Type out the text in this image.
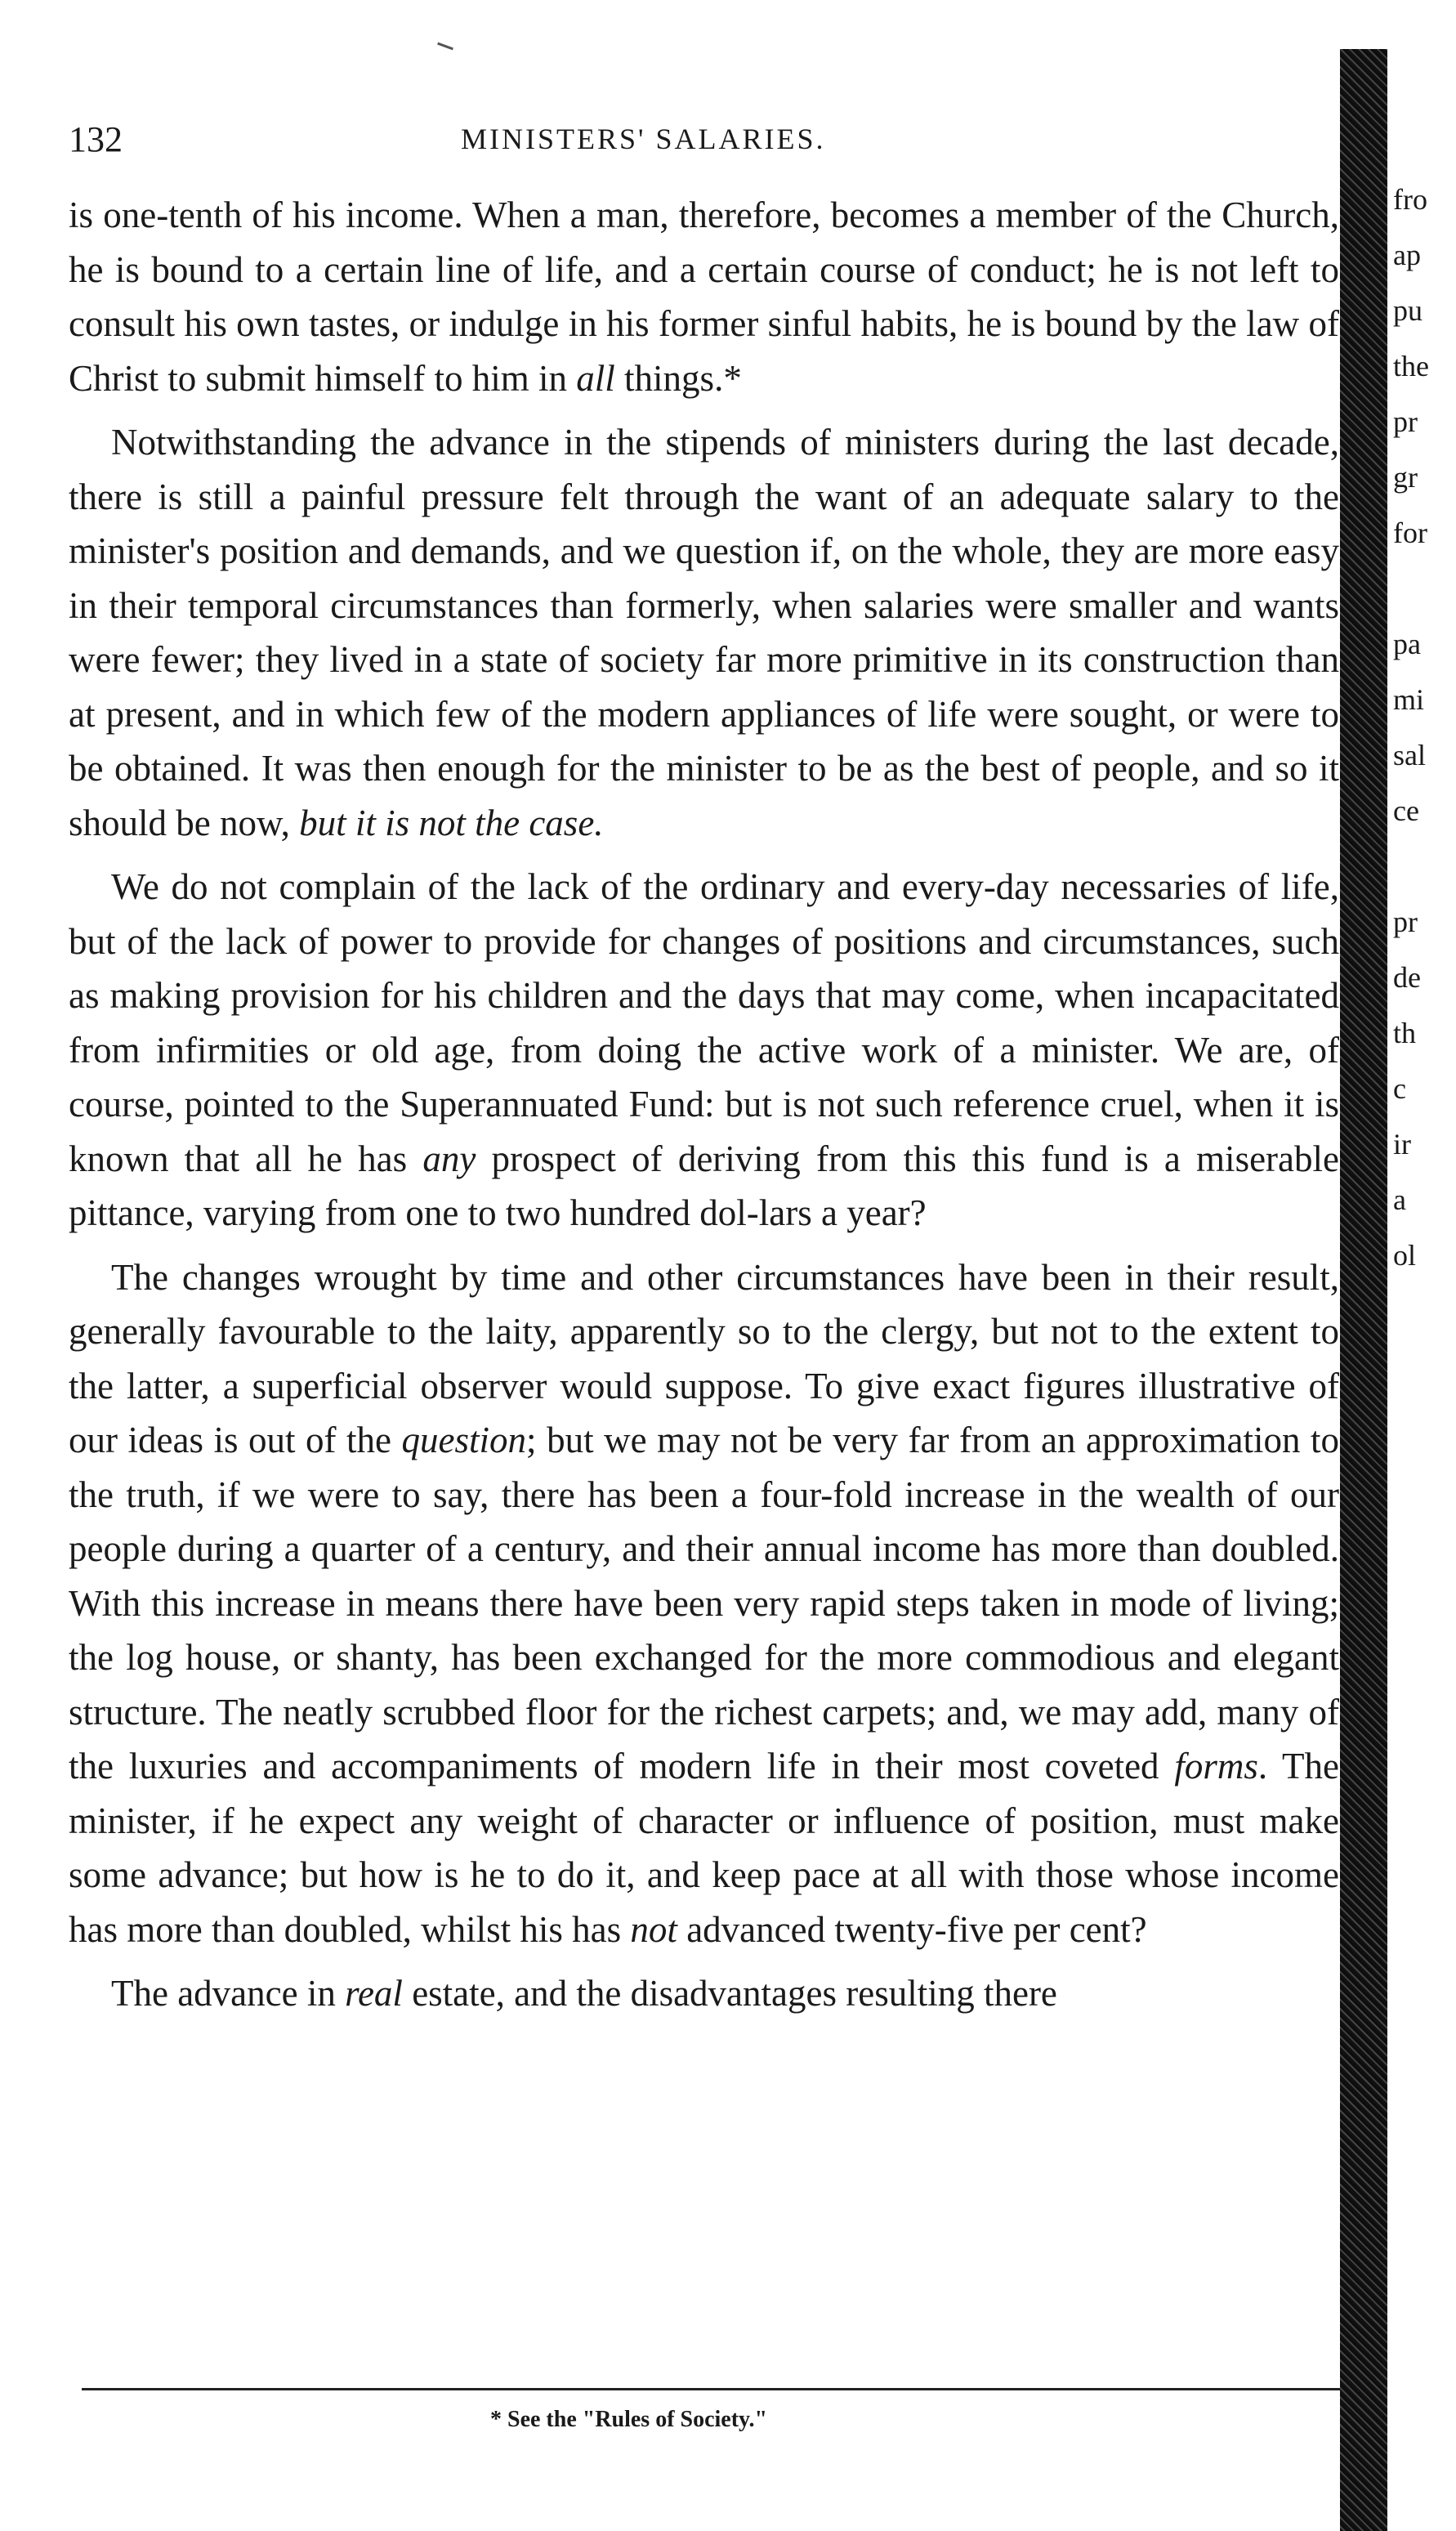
132	MINISTERS' SALARIES.

is one-tenth of his income. When a man, therefore, becomes a member of the Church, he is bound to a certain line of life, and a certain course of conduct; he is not left to consult his own tastes, or indulge in his former sinful habits, he is bound by the law of Christ to submit himself to him in all things.*

Notwithstanding the advance in the stipends of ministers during the last decade, there is still a painful pressure felt through the want of an adequate salary to the minister's position and demands, and we question if, on the whole, they are more easy in their temporal circumstances than formerly, when salaries were smaller and wants were fewer; they lived in a state of society far more primitive in its construction than at present, and in which few of the modern appliances of life were sought, or were to be obtained. It was then enough for the minister to be as the best of people, and so it should be now, but it is not the case.

We do not complain of the lack of the ordinary and every-day necessaries of life, but of the lack of power to provide for changes of positions and circumstances, such as making provision for his children and the days that may come, when incapacitated from infirmities or old age, from doing the active work of a minister. We are, of course, pointed to the Superannuated Fund: but is not such reference cruel, when it is known that all he has any prospect of deriving from this this fund is a miserable pittance, varying from one to two hundred dol-lars a year?

The changes wrought by time and other circumstances have been in their result, generally favourable to the laity, apparently so to the clergy, but not to the extent to the latter, a superficial observer would suppose. To give exact figures illustrative of our ideas is out of the question; but we may not be very far from an approximation to the truth, if we were to say, there has been a four-fold increase in the wealth of our people during a quarter of a century, and their annual income has more than doubled. With this increase in means there have been very rapid steps taken in mode of living; the log house, or shanty, has been exchanged for the more commodious and elegant structure. The neatly scrubbed floor for the richest carpets; and, we may add, many of the luxuries and accompaniments of modern life in their most coveted forms. The minister, if he expect any weight of character or influence of position, must make some advance; but how is he to do it, and keep pace at all with those whose income has more than doubled, whilst his has not advanced twenty-five per cent?

The advance in real estate, and the disadvantages resulting there

* See the "Rules of Society."
fro
ap
pu
the
pr
gr
for

pa
mi
sal
ce

pr
de
th
c
ir
a
ol
